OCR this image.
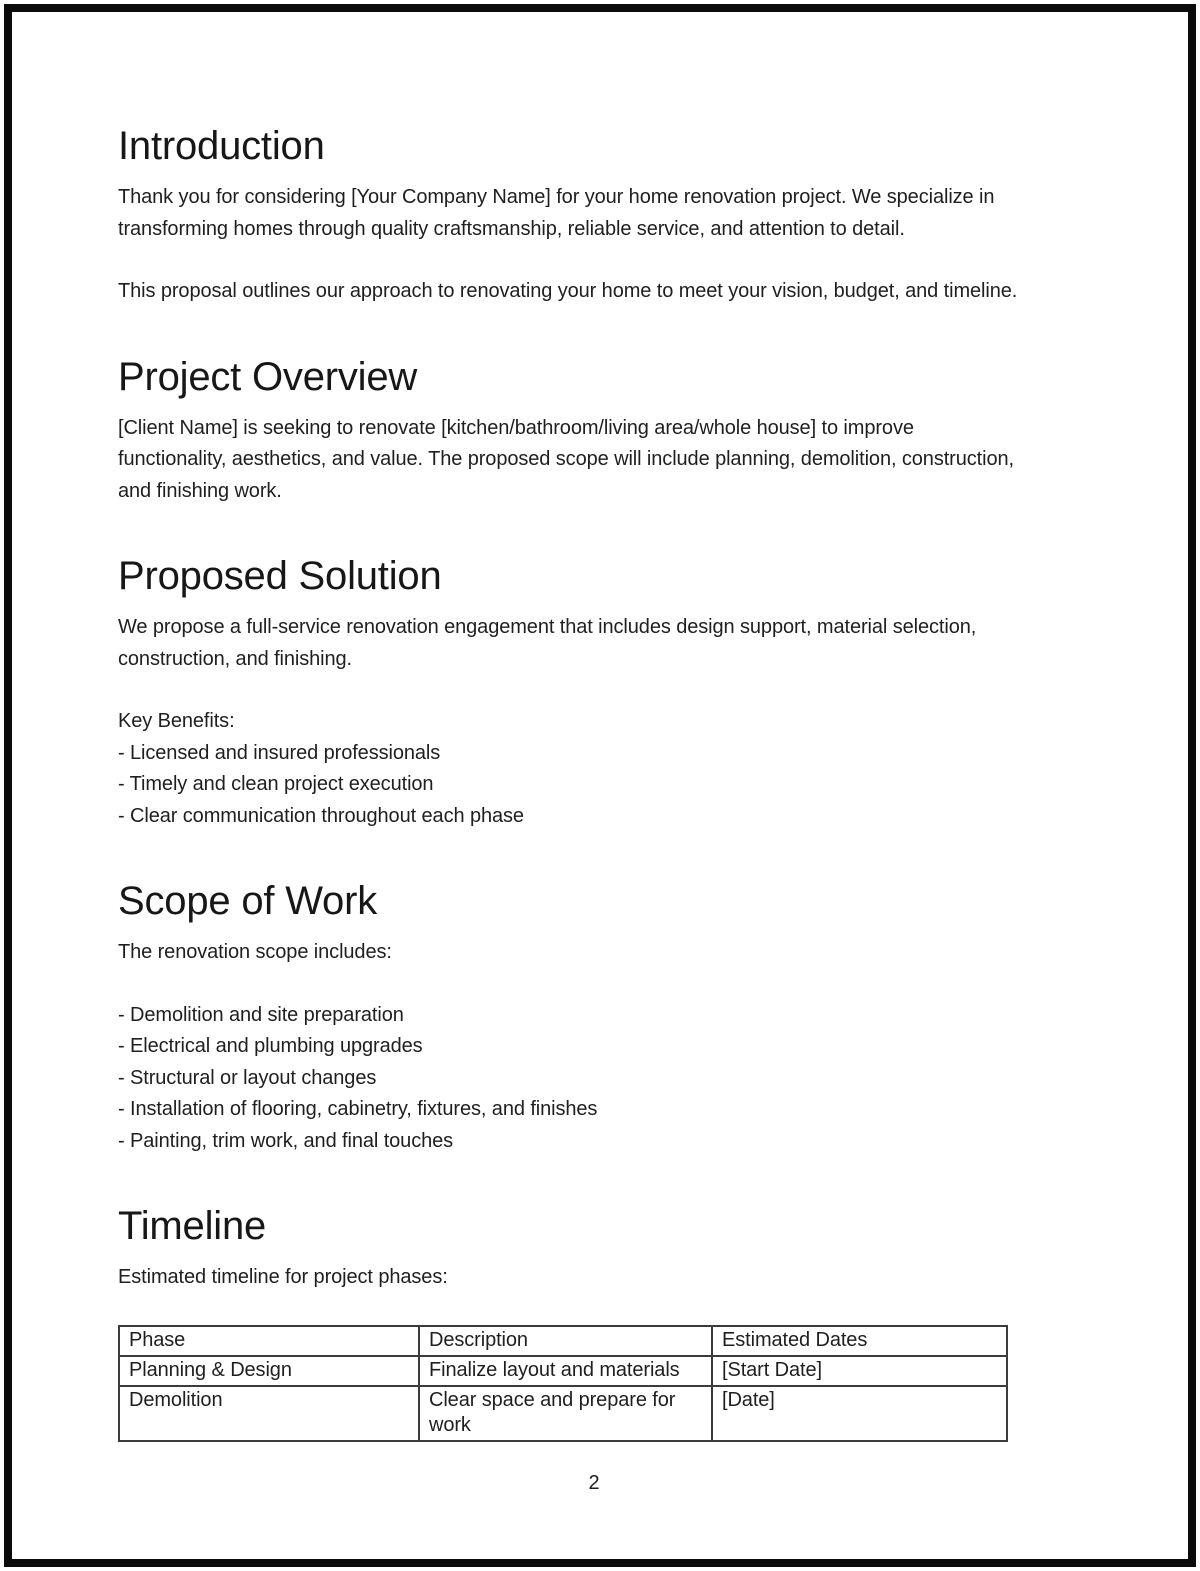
Introduction
Thank you for considering [Your Company Name] for your home renovation project. We specialize in
transforming homes through quality craftsmanship, reliable service, and attention to detail.
This proposal outlines our approach to renovating your home to meet your vision, budget, and timeline.
Project Overview
[Client Name] is seeking to renovate [kitchen/bathroom/living area/whole house] to improve
functionality, aesthetics, and value. The proposed scope will include planning, demolition, construction,
and finishing work.
Proposed Solution
We propose a full-service renovation engagement that includes design support, material selection,
construction, and finishing.
Key Benefits:
- Licensed and insured professionals
- Timely and clean project execution
- Clear communication throughout each phase
Scope of Work
The renovation scope includes:
- Demolition and site preparation
- Electrical and plumbing upgrades
- Structural or layout changes
- Installation of flooring, cabinetry, fixtures, and finishes
- Painting, trim work, and final touches
Timeline
Estimated timeline for project phases:
Phase	Description	Estimated Dates
Planning & Design	Finalize layout and materials	[Start Date]
Demolition	Clear space and prepare for work	[Date]
2
